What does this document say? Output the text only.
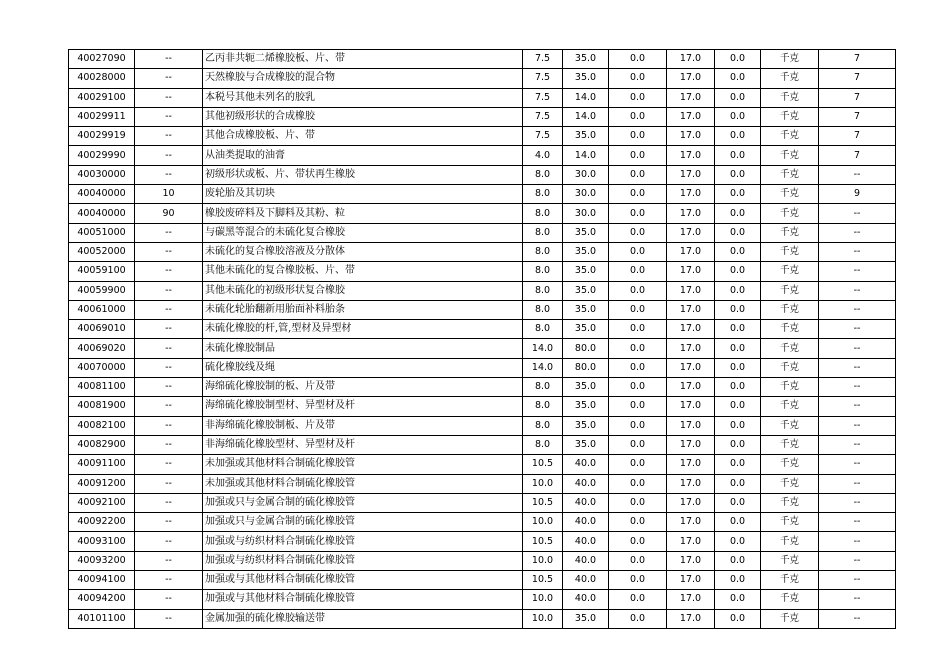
40027090	--	乙丙非共轭二烯橡胶板、片、带	7.5	35.0	0.0	17.0	0.0	千克	7
40028000	--	天然橡胶与合成橡胶的混合物	7.5	35.0	0.0	17.0	0.0	千克	7
40029100	--	本税号其他未列名的胶乳	7.5	14.0	0.0	17.0	0.0	千克	7
40029911	--	其他初级形状的合成橡胶	7.5	14.0	0.0	17.0	0.0	千克	7
40029919	--	其他合成橡胶板、片、带	7.5	35.0	0.0	17.0	0.0	千克	7
40029990	--	从油类提取的油膏	4.0	14.0	0.0	17.0	0.0	千克	7
40030000	--	初级形状或板、片、带状再生橡胶	8.0	30.0	0.0	17.0	0.0	千克	--
40040000	10	废轮胎及其切块	8.0	30.0	0.0	17.0	0.0	千克	9
40040000	90	橡胶废碎料及下脚料及其粉、粒	8.0	30.0	0.0	17.0	0.0	千克	--
40051000	--	与碳黑等混合的未硫化复合橡胶	8.0	35.0	0.0	17.0	0.0	千克	--
40052000	--	未硫化的复合橡胶溶液及分散体	8.0	35.0	0.0	17.0	0.0	千克	--
40059100	--	其他未硫化的复合橡胶板、片、带	8.0	35.0	0.0	17.0	0.0	千克	--
40059900	--	其他未硫化的初级形状复合橡胶	8.0	35.0	0.0	17.0	0.0	千克	--
40061000	--	未硫化轮胎翻新用胎面补料胎条	8.0	35.0	0.0	17.0	0.0	千克	--
40069010	--	未硫化橡胶的杆,管,型材及异型材	8.0	35.0	0.0	17.0	0.0	千克	--
40069020	--	未硫化橡胶制品	14.0	80.0	0.0	17.0	0.0	千克	--
40070000	--	硫化橡胶线及绳	14.0	80.0	0.0	17.0	0.0	千克	--
40081100	--	海绵硫化橡胶制的板、片及带	8.0	35.0	0.0	17.0	0.0	千克	--
40081900	--	海绵硫化橡胶制型材、异型材及杆	8.0	35.0	0.0	17.0	0.0	千克	--
40082100	--	非海绵硫化橡胶制板、片及带	8.0	35.0	0.0	17.0	0.0	千克	--
40082900	--	非海绵硫化橡胶型材、异型材及杆	8.0	35.0	0.0	17.0	0.0	千克	--
40091100	--	未加强或其他材料合制硫化橡胶管	10.5	40.0	0.0	17.0	0.0	千克	--
40091200	--	未加强或其他材料合制硫化橡胶管	10.0	40.0	0.0	17.0	0.0	千克	--
40092100	--	加强或只与金属合制的硫化橡胶管	10.5	40.0	0.0	17.0	0.0	千克	--
40092200	--	加强或只与金属合制的硫化橡胶管	10.0	40.0	0.0	17.0	0.0	千克	--
40093100	--	加强或与纺织材料合制硫化橡胶管	10.5	40.0	0.0	17.0	0.0	千克	--
40093200	--	加强或与纺织材料合制硫化橡胶管	10.0	40.0	0.0	17.0	0.0	千克	--
40094100	--	加强或与其他材料合制硫化橡胶管	10.5	40.0	0.0	17.0	0.0	千克	--
40094200	--	加强或与其他材料合制硫化橡胶管	10.0	40.0	0.0	17.0	0.0	千克	--
40101100	--	金属加强的硫化橡胶输送带	10.0	35.0	0.0	17.0	0.0	千克	--
